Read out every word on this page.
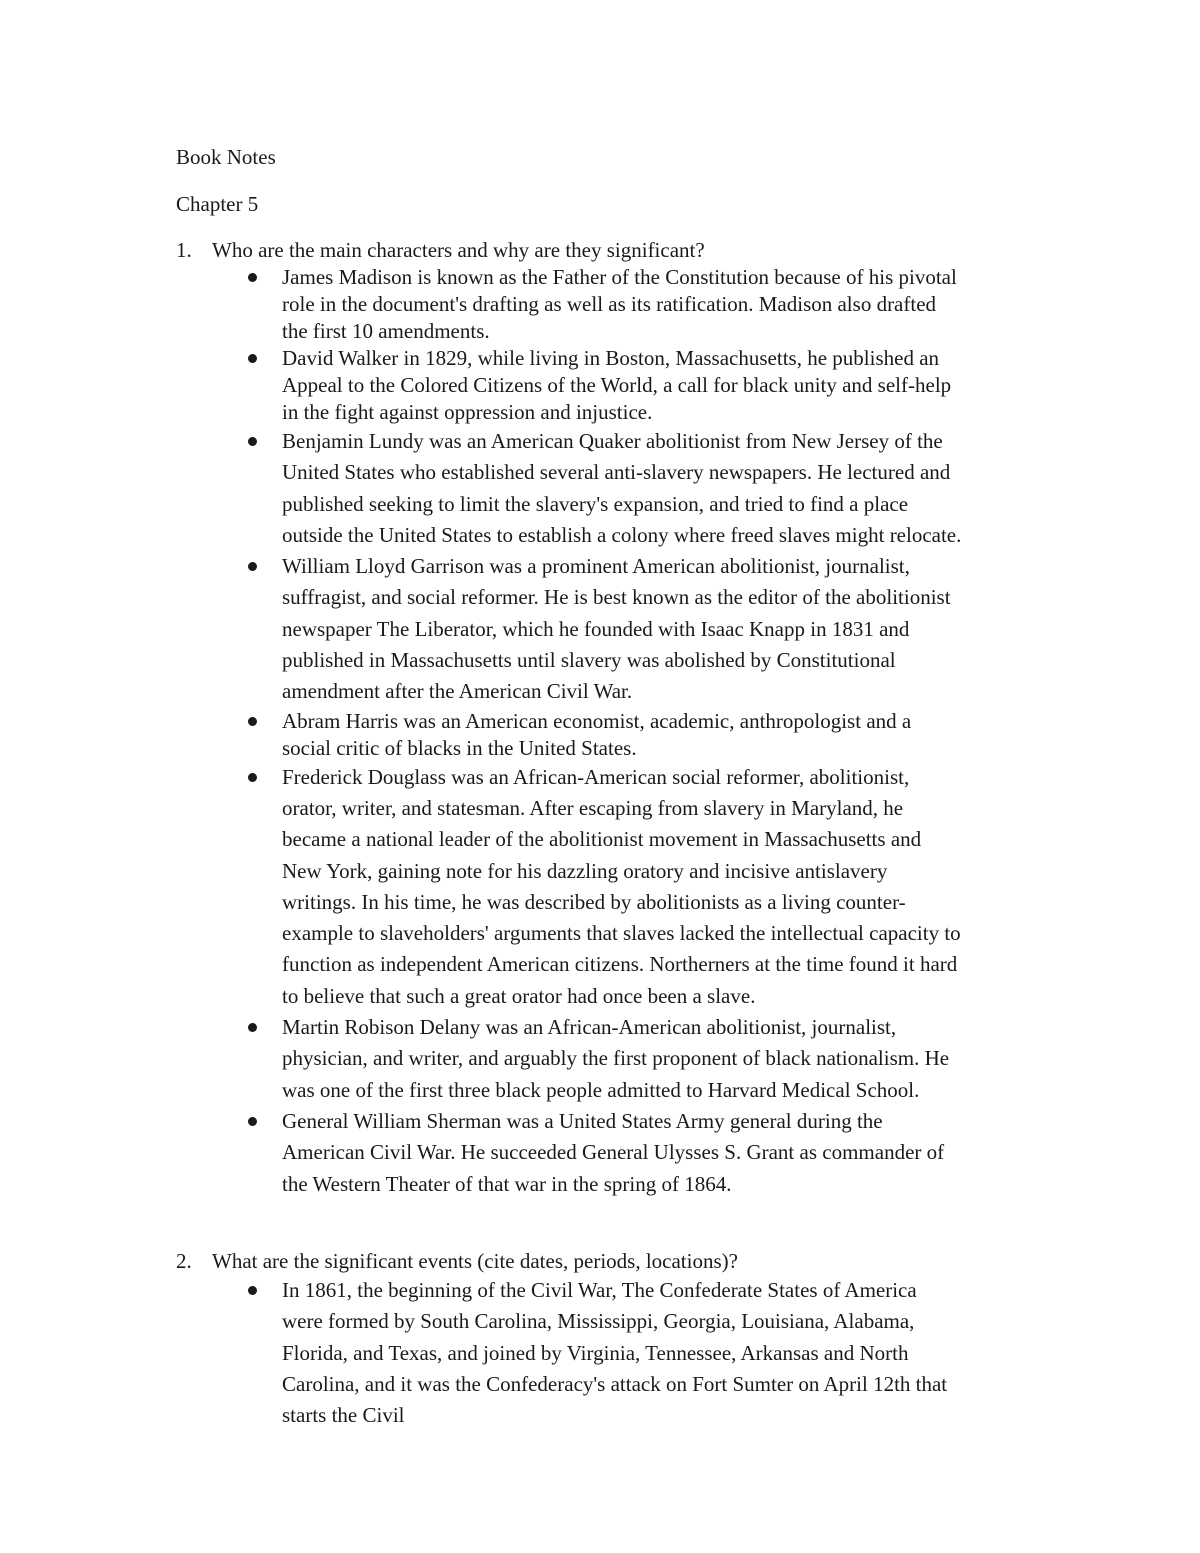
Book Notes
Chapter 5
1. Who are the main characters and why are they significant?
James Madison is known as the Father of the Constitution because of his pivotal role in the document's drafting as well as its ratification. Madison also drafted the first 10 amendments.
David Walker in 1829, while living in Boston, Massachusetts, he published an Appeal to the Colored Citizens of the World, a call for black unity and self-help in the fight against oppression and injustice.
Benjamin Lundy was an American Quaker abolitionist from New Jersey of the United States who established several anti-slavery newspapers. He lectured and published seeking to limit the slavery's expansion, and tried to find a place outside the United States to establish a colony where freed slaves might relocate.
William Lloyd Garrison was a prominent American abolitionist, journalist, suffragist, and social reformer. He is best known as the editor of the abolitionist newspaper The Liberator, which he founded with Isaac Knapp in 1831 and published in Massachusetts until slavery was abolished by Constitutional amendment after the American Civil War.
Abram Harris was an American economist, academic, anthropologist and a social critic of blacks in the United States.
Frederick Douglass was an African-American social reformer, abolitionist, orator, writer, and statesman. After escaping from slavery in Maryland, he became a national leader of the abolitionist movement in Massachusetts and New York, gaining note for his dazzling oratory and incisive antislavery writings. In his time, he was described by abolitionists as a living counter-example to slaveholders' arguments that slaves lacked the intellectual capacity to function as independent American citizens. Northerners at the time found it hard to believe that such a great orator had once been a slave.
Martin Robison Delany was an African-American abolitionist, journalist, physician, and writer, and arguably the first proponent of black nationalism. He was one of the first three black people admitted to Harvard Medical School.
General William Sherman was a United States Army general during the American Civil War. He succeeded General Ulysses S. Grant as commander of the Western Theater of that war in the spring of 1864.
2. What are the significant events (cite dates, periods, locations)?
In 1861, the beginning of the Civil War, The Confederate States of America were formed by South Carolina, Mississippi, Georgia, Louisiana, Alabama, Florida, and Texas, and joined by Virginia, Tennessee, Arkansas and North Carolina, and it was the Confederacy's attack on Fort Sumter on April 12th that starts the Civil
